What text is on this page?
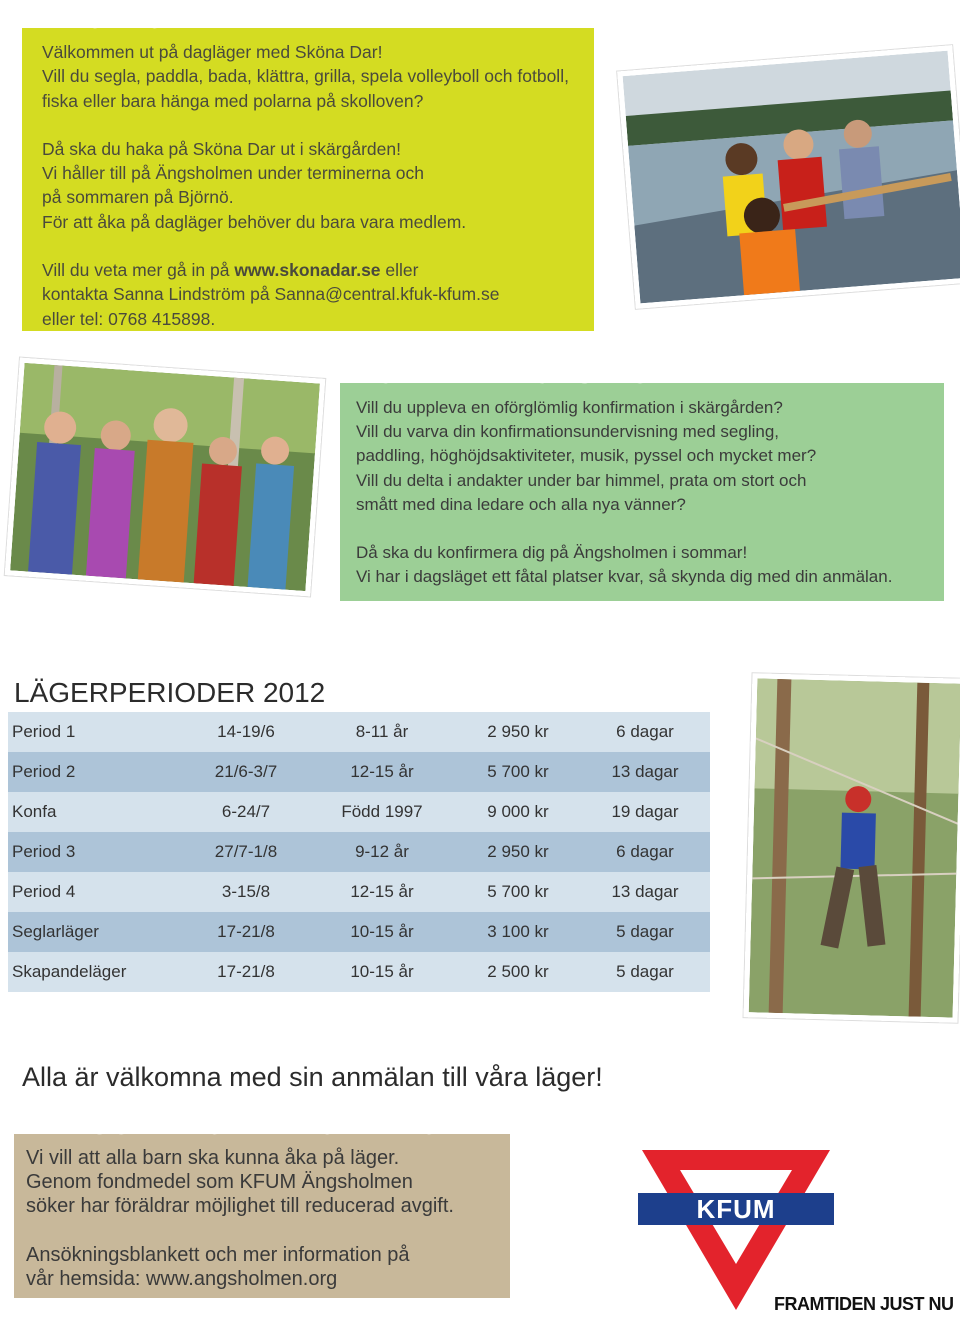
DAGLÄGER

Välkommen ut på dagläger med Sköna Dar!

Vill du segla, paddla, bada, klättra, grilla, spela volleyboll och fotboll,

fiska eller bara hänga med polarna på skolloven?

Då ska du haka på Sköna Dar ut i skärgården!

Vi håller till på Ängsholmen under terminerna och

på sommaren på Björnö.

För att åka på dagläger behöver du bara vara medlem.

Vill du veta mer gå in på www.skonadar.se eller

kontakta Sanna Lindström på Sanna@central.kfuk-kfum.se

eller tel: 0768 415898.

KONFIRMATIONSLÄGER

Vill du uppleva en oförglömlig konfirmation i skärgården?

Vill du varva din konfirmationsundervisning med segling,

paddling, höghöjdsaktiviteter, musik, pyssel och mycket mer?

Vill du delta i andakter under bar himmel, prata om stort och

smått med dina ledare och alla nya vänner?

Då ska du konfirmera dig på Ängsholmen i sommar!

Vi har i dagsläget ett fåtal platser kvar, så skynda dig med din anmälan.

LÄGERPERIODER 2012
Period 1	14-19/6	8-11 år	2 950 kr	6 dagar
Period 2	21/6-3/7	12-15 år	5 700 kr	13 dagar
Konfa	6-24/7	Född 1997	9 000 kr	19 dagar
Period 3	27/7-1/8	9-12 år	2 950 kr	6 dagar
Period 4	3-15/8	12-15 år	5 700 kr	13 dagar
Seglarläger	17-21/8	10-15 år	3 100 kr	5 dagar
Skapandeläger	17-21/8	10-15 år	2 500 kr	5 dagar
Alla är välkomna med sin anmälan till våra läger!
REDUCERING AV LÄGERAVGIFTEN

Vi vill att alla barn ska kunna åka på läger.

Genom fondmedel som KFUM Ängsholmen

söker har föräldrar möjlighet till reducerad avgift.

Ansökningsblankett och mer information på

vår hemsida: www.angsholmen.org

KFUM
FRAMTIDEN JUST NU
